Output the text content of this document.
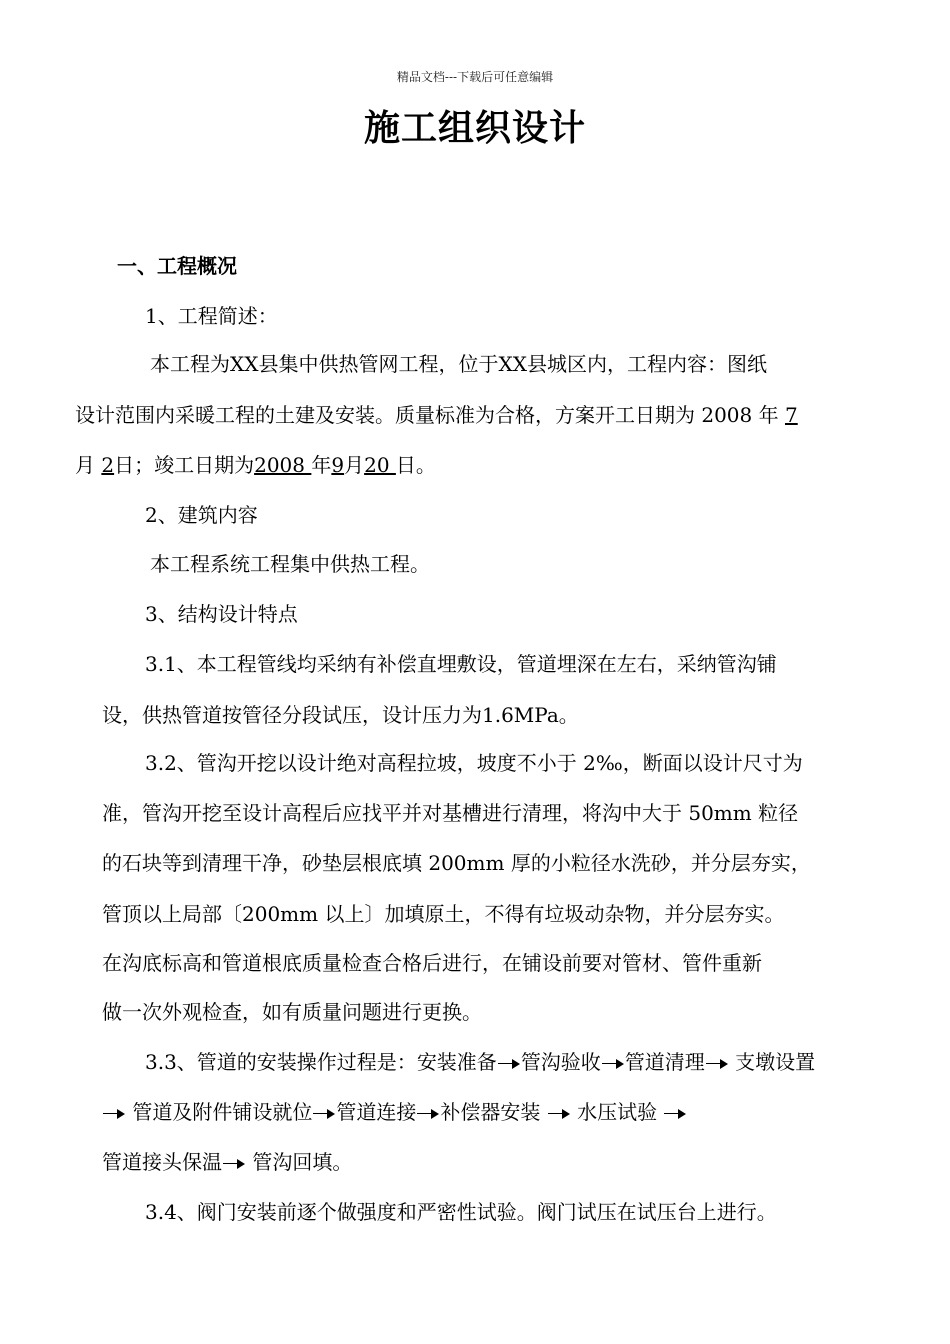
精品文档---下载后可任意编辑
施工组织设计
一、工程概况
1、工程简述：
本工程为XX县集中供热管网工程，位于XX县城区内，工程内容：图纸
设计范围内采暖工程的土建及安装。质量标准为合格，方案开工日期为 2008 年 7
月 2日；竣工日期为2008 年9月20 日。
2、建筑内容
本工程系统工程集中供热工程。
3、结构设计特点
3.1、本工程管线均采纳有补偿直埋敷设，管道埋深在左右，采纳管沟铺
设，供热管道按管径分段试压，设计压力为1.6MPa。
3.2、管沟开挖以设计绝对高程拉坡，坡度不小于 2‰，断面以设计尺寸为
准，管沟开挖至设计高程后应找平并对基槽进行清理，将沟中大于 50mm 粒径
的石块等到清理干净，砂垫层根底填 200mm 厚的小粒径水洗砂，并分层夯实，
管顶以上局部〔200mm 以上〕加填原土，不得有垃圾动杂物，并分层夯实。
在沟底标高和管道根底质量检查合格后进行，在铺设前要对管材、管件重新
做一次外观检查，如有质量问题进行更换。
3.3、管道的安装操作过程是：安装准备 管沟验收 管道清理 支墩设置
管道及附件铺设就位 管道连接 补偿器安装 水压试验
管道接头保温 管沟回填。
3.4、阀门安装前逐个做强度和严密性试验。阀门试压在试压台上进行。
